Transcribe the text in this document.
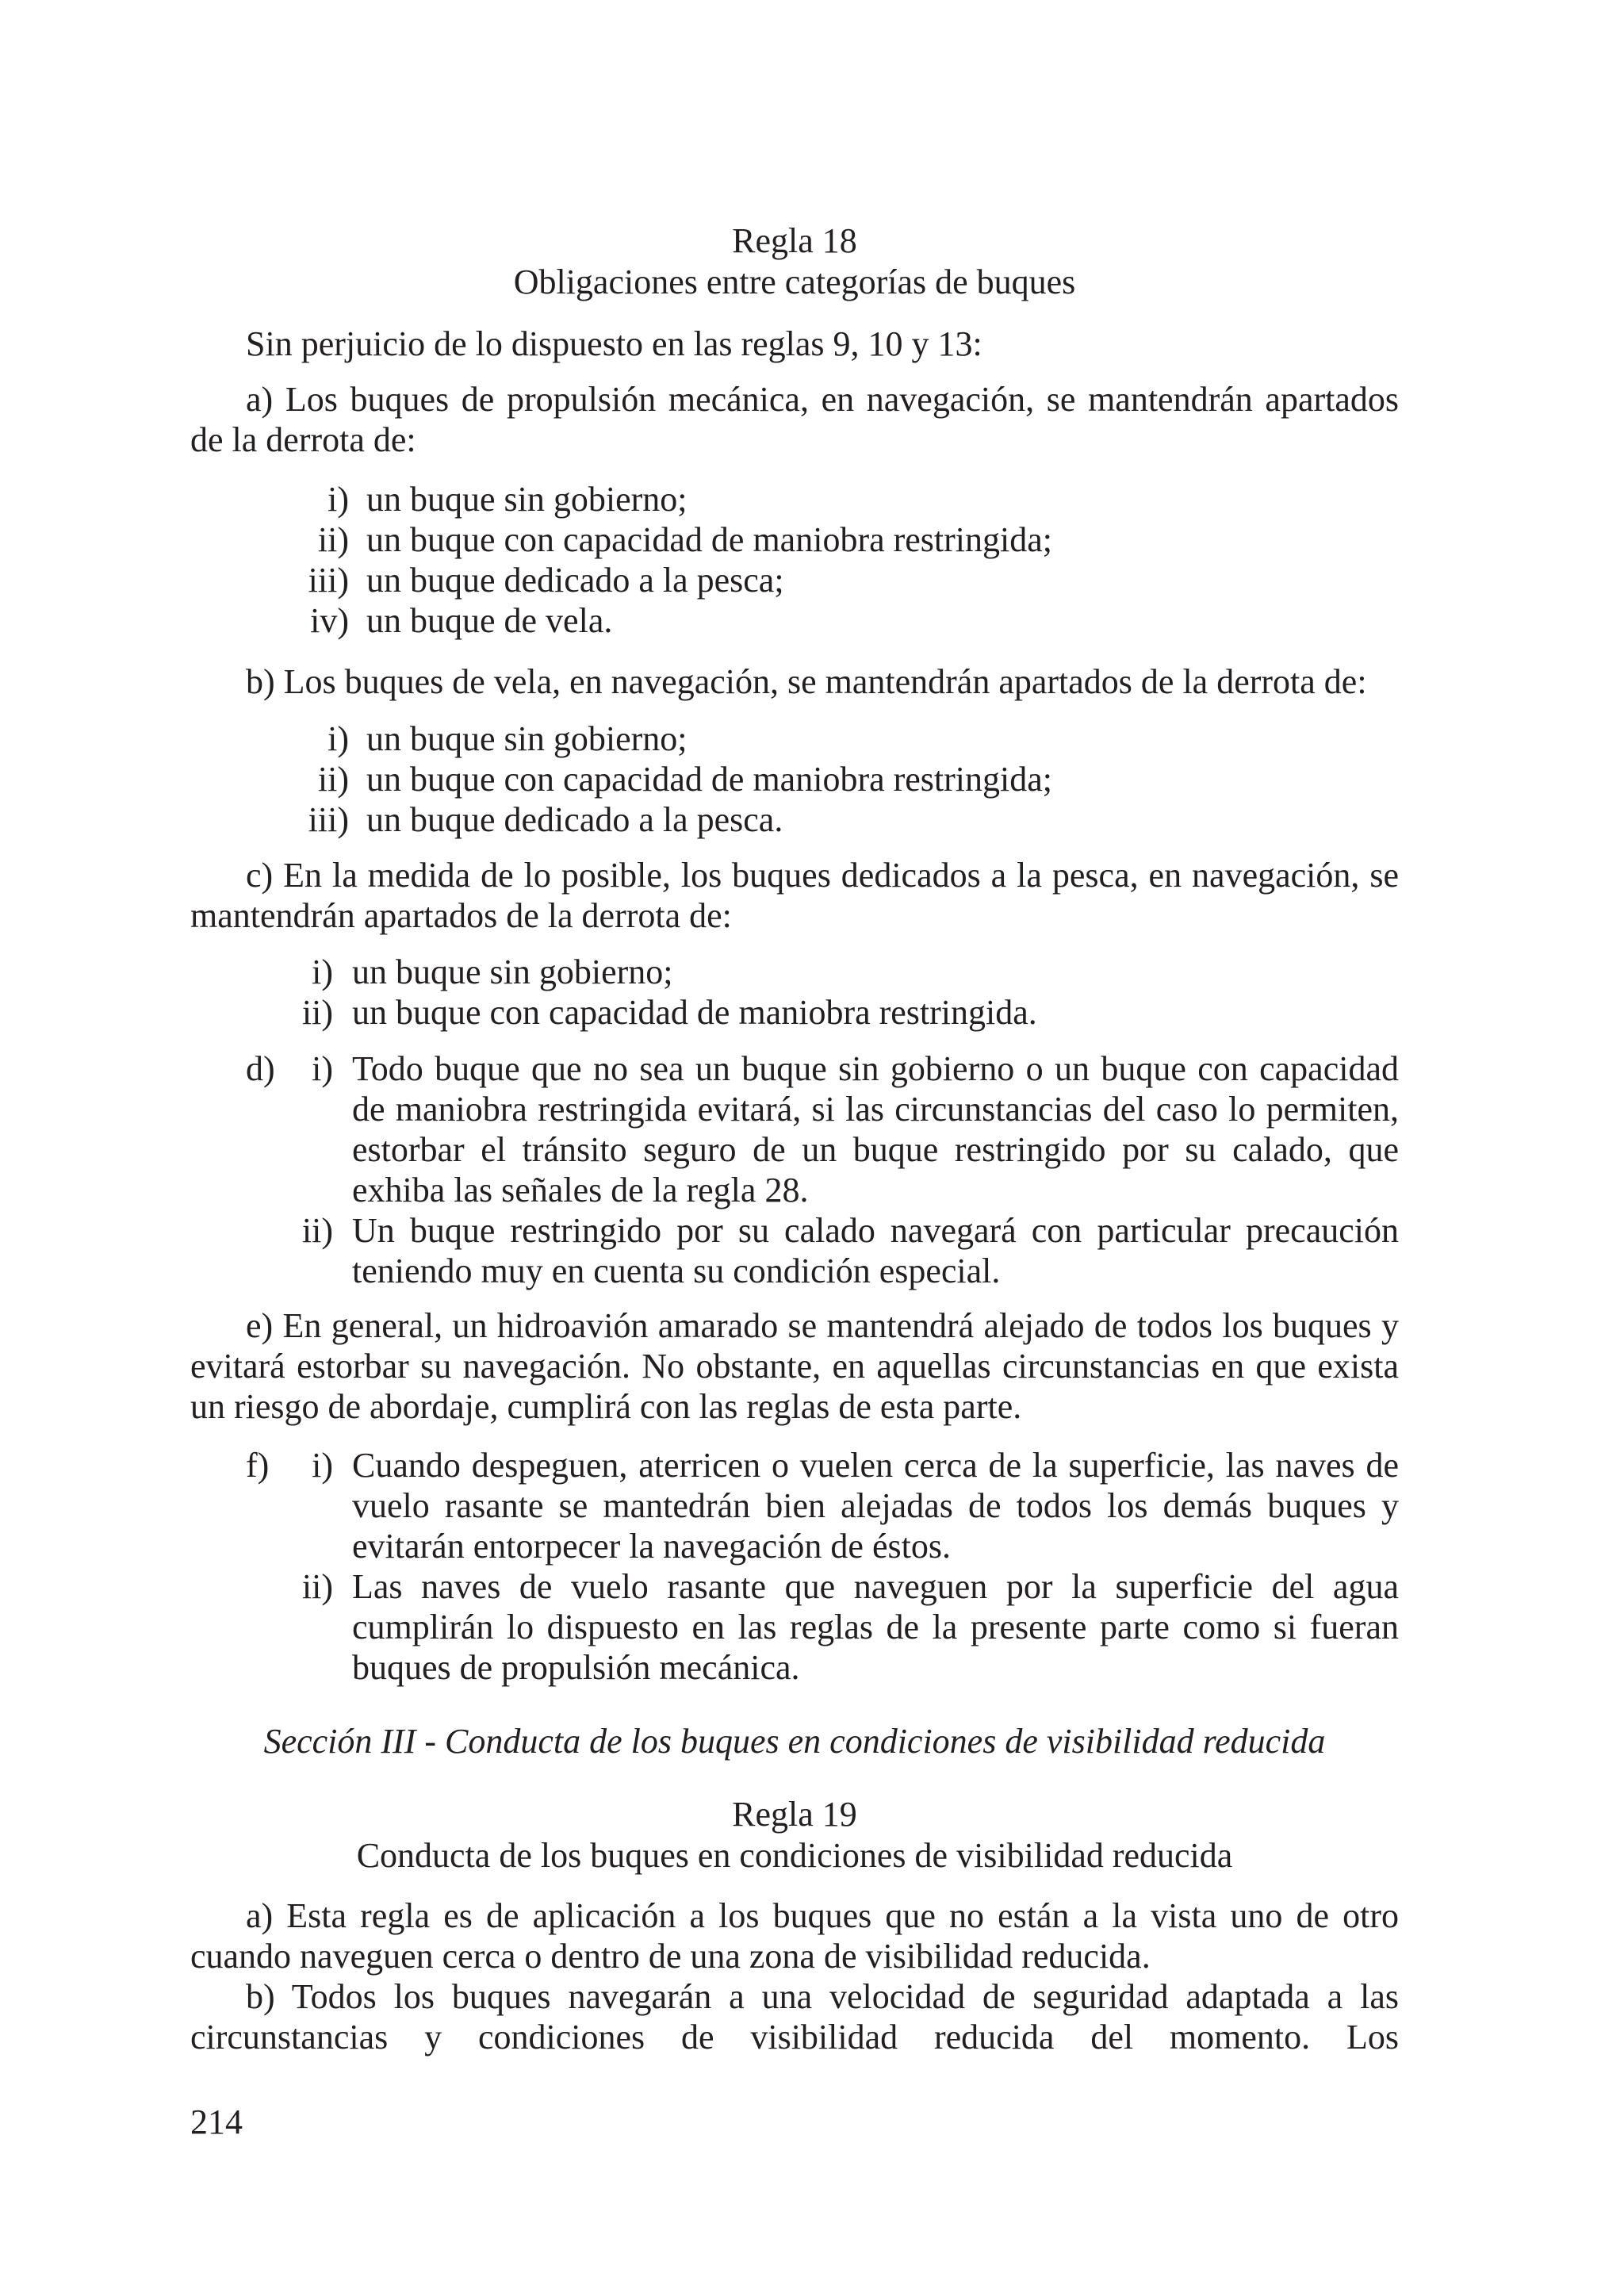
Regla 18
Obligaciones entre categorías de buques
Sin perjuicio de lo dispuesto en las reglas 9, 10 y 13:
a) Los buques de propulsión mecánica, en navegación, se mantendrán apartados de la derrota de:
i) un buque sin gobierno;
ii) un buque con capacidad de maniobra restringida;
iii) un buque dedicado a la pesca;
iv) un buque de vela.
b) Los buques de vela, en navegación, se mantendrán apartados de la derrota de:
i) un buque sin gobierno;
ii) un buque con capacidad de maniobra restringida;
iii) un buque dedicado a la pesca.
c) En la medida de lo posible, los buques dedicados a la pesca, en navegación, se mantendrán apartados de la derrota de:
i) un buque sin gobierno;
ii) un buque con capacidad de maniobra restringida.
d)	i) Todo buque que no sea un buque sin gobierno o un buque con capacidad de maniobra restringida evitará, si las circunstancias del caso lo permiten, estorbar el tránsito seguro de un buque restringido por su calado, que exhiba las señales de la regla 28.
ii) Un buque restringido por su calado navegará con particular precaución teniendo muy en cuenta su condición especial.
e) En general, un hidroavión amarado se mantendrá alejado de todos los buques y evitará estorbar su navegación. No obstante, en aquellas circunstancias en que exista un riesgo de abordaje, cumplirá con las reglas de esta parte.
f)	i) Cuando despeguen, aterricen o vuelen cerca de la superficie, las naves de vuelo rasante se mantedrán bien alejadas de todos los demás buques y evitarán entorpecer la navegación de éstos.
ii) Las naves de vuelo rasante que naveguen por la superficie del agua cumplirán lo dispuesto en las reglas de la presente parte como si fueran buques de propulsión mecánica.
Sección III - Conducta de los buques en condiciones de visibilidad reducida
Regla 19
Conducta de los buques en condiciones de visibilidad reducida
a) Esta regla es de aplicación a los buques que no están a la vista uno de otro cuando naveguen cerca o dentro de una zona de visibilidad reducida.
b) Todos los buques navegarán a una velocidad de seguridad adaptada a las circunstancias y condiciones de visibilidad reducida del momento. Los
214
